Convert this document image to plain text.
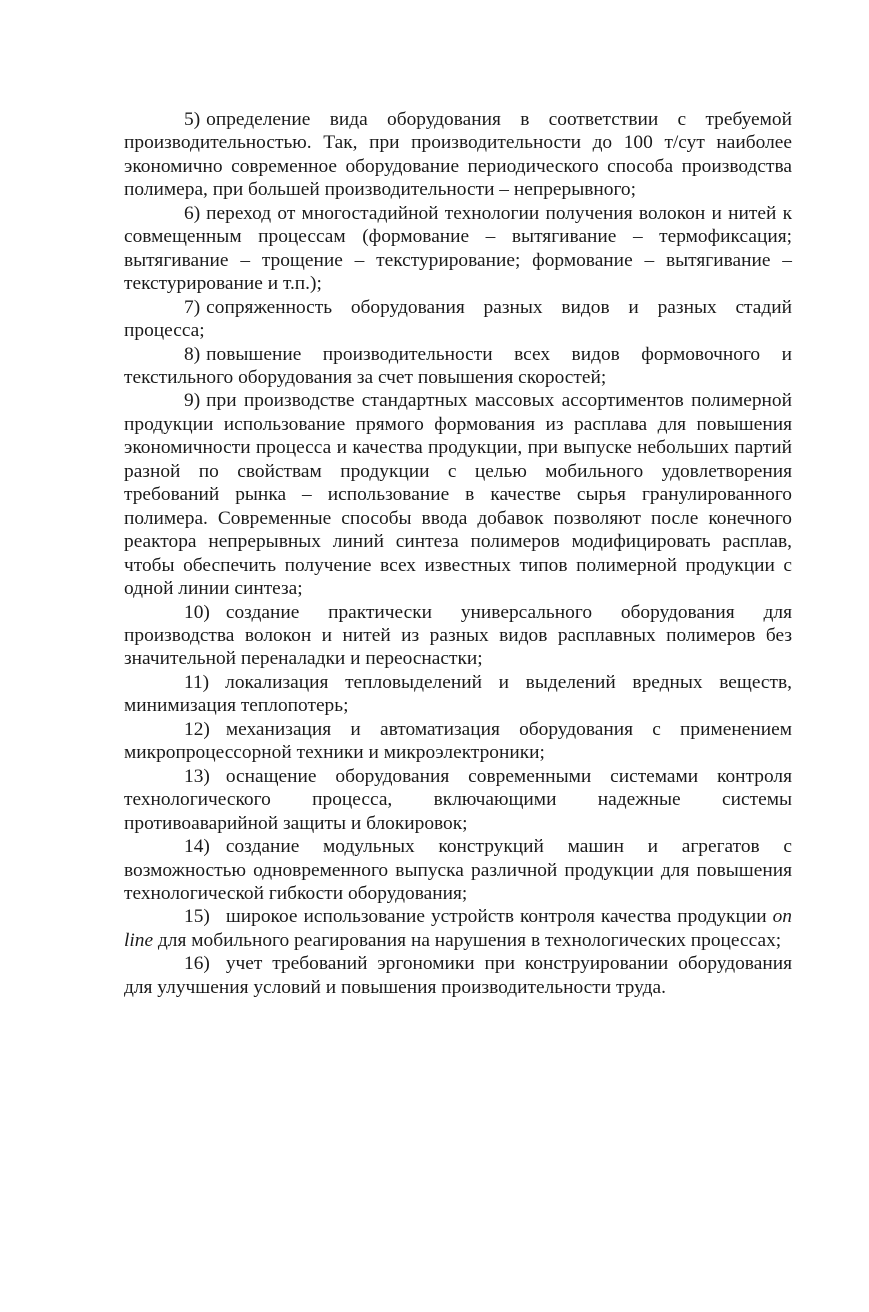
5) определение вида оборудования в соответствии с требуемой производительностью. Так, при производительности до 100 т/сут наиболее экономично современное оборудование периодического способа производства полимера, при большей производительности – непрерывного;

6) переход от многостадийной технологии получения волокон и нитей к совмещенным процессам (формование – вытягивание – термофиксация; вытягивание – трощение – текстурирование; формование – вытягивание – текстурирование и т.п.);

7) сопряженность оборудования разных видов и разных стадий процесса;

8) повышение производительности всех видов формовочного и текстильного оборудования за счет повышения скоростей;

9) при производстве стандартных массовых ассортиментов полимерной продукции использование прямого формования из расплава для повышения экономичности процесса и качества продукции, при выпуске небольших партий разной по свойствам продукции с целью мобильного удовлетворения требований рынка – использование в качестве сырья гранулированного полимера. Современные способы ввода добавок позволяют после конечного реактора непрерывных линий синтеза полимеров модифицировать расплав, чтобы обеспечить получение всех известных типов полимерной продукции с одной линии синтеза;

10) создание практически универсального оборудования для производства волокон и нитей из разных видов расплавных полимеров без значительной переналадки и переоснастки;

11) локализация тепловыделений и выделений вредных веществ, минимизация теплопотерь;

12) механизация и автоматизация оборудования с применением микропроцессорной техники и микроэлектроники;

13) оснащение оборудования современными системами контроля технологического процесса, включающими надежные системы противоаварийной защиты и блокировок;

14) создание модульных конструкций машин и агрегатов с возможностью одновременного выпуска различной продукции для повышения технологической гибкости оборудования;

15) широкое использование устройств контроля качества продукции on line для мобильного реагирования на нарушения в технологических процессах;

16) учет требований эргономики при конструировании оборудования для улучшения условий и повышения производительности труда.
